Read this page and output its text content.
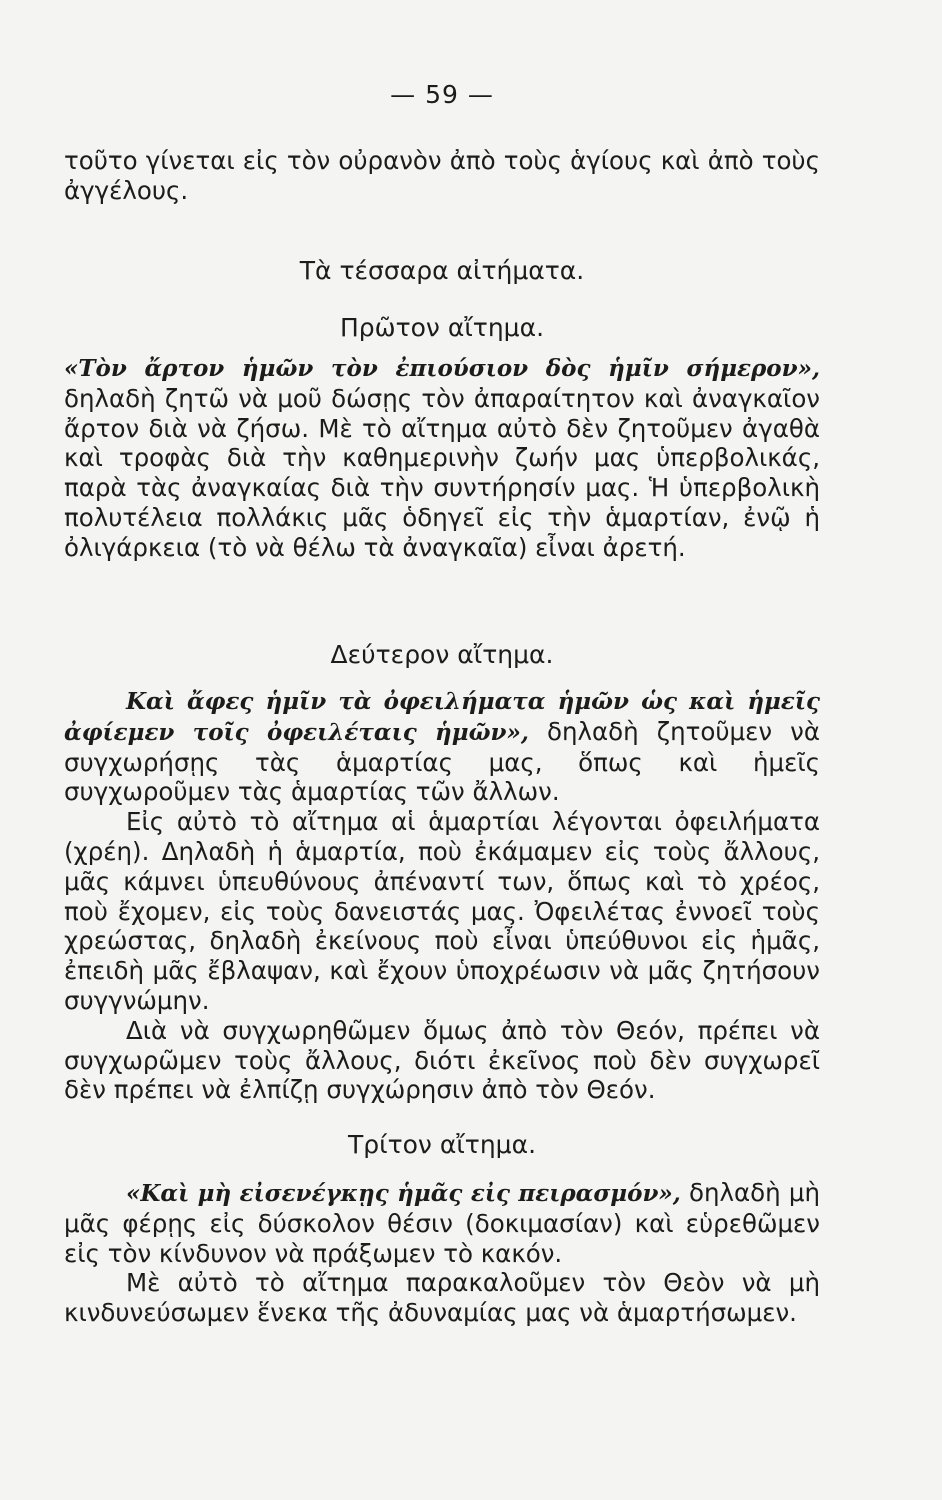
— 59 —

τοῦτο γίνεται εἰς τὸν οὐρανὸν ἀπὸ τοὺς ἁγίους καὶ ἀπὸ τοὺς ἀγγέλους.

Τὰ τέσσαρα αἰτήματα.
Πρῶτον αἴτημα.

«Τὸν ἄρτον ἡμῶν τὸν ἐπιούσιον δὸς ἡμῖν σήμερον», δηλαδὴ ζητῶ νὰ μοῦ δώσῃς τὸν ἀπαραίτητον καὶ ἀναγκαῖον ἄρτον διὰ νὰ ζήσω. Μὲ τὸ αἴτημα αὐτὸ δὲν ζητοῦμεν ἀγαθὰ καὶ τροφὰς διὰ τὴν καθημερινὴν ζωήν μας ὑπερβολικάς, παρὰ τὰς ἀναγκαίας διὰ τὴν συντήρησίν μας. Ἡ ὑπερβολικὴ πολυτέλεια πολλάκις μᾶς ὁδηγεῖ εἰς τὴν ἁμαρτίαν, ἐνῷ ἡ ὀλιγάρκεια (τὸ νὰ θέλω τὰ ἀναγκαῖα) εἶναι ἀρετή.

Δεύτερον αἴτημα.
Καὶ ἄφες ἡμῖν τὰ ὀφειλήματα ἡμῶν ὡς καὶ ἡμεῖς ἀφίεμεν τοῖς ὀφειλέταις ἡμῶν», δηλαδὴ ζητοῦμεν νὰ συγχωρήσῃς τὰς ἁμαρτίας μας, ὅπως καὶ ἡμεῖς συγχωροῦμεν τὰς ἁμαρτίας τῶν ἄλλων.
Εἰς αὐτὸ τὸ αἴτημα αἱ ἁμαρτίαι λέγονται ὀφειλήματα (χρέη). Δηλαδὴ ἡ ἁμαρτία, ποὺ ἐκάμαμεν εἰς τοὺς ἄλλους, μᾶς κάμνει ὑπευθύνους ἀπέναντί των, ὅπως καὶ τὸ χρέος, ποὺ ἔχομεν, εἰς τοὺς δανειστάς μας. Ὀφειλέτας ἐννοεῖ τοὺς χρεώστας, δηλαδὴ ἐκείνους ποὺ εἶναι ὑπεύθυνοι εἰς ἡμᾶς, ἐπειδὴ μᾶς ἔβλαψαν, καὶ ἔχουν ὑποχρέωσιν νὰ μᾶς ζητήσουν συγγνώμην.
Διὰ νὰ συγχωρηθῶμεν ὅμως ἀπὸ τὸν Θεόν, πρέπει νὰ συγχωρῶμεν τοὺς ἄλλους, διότι ἐκεῖνος ποὺ δὲν συγχωρεῖ δὲν πρέπει νὰ ἐλπίζῃ συγχώρησιν ἀπὸ τὸν Θεόν.
Τρίτον αἴτημα.
«Καὶ μὴ εἰσενέγκῃς ἡμᾶς εἰς πειρασμόν», δηλαδὴ μὴ μᾶς φέρῃς εἰς δύσκολον θέσιν (δοκιμασίαν) καὶ εὑρεθῶμεν εἰς τὸν κίνδυνον νὰ πράξωμεν τὸ κακόν.
Μὲ αὐτὸ τὸ αἴτημα παρακαλοῦμεν τὸν Θεὸν νὰ μὴ κινδυνεύσωμεν ἕνεκα τῆς ἀδυναμίας μας νὰ ἁμαρτήσωμεν.
